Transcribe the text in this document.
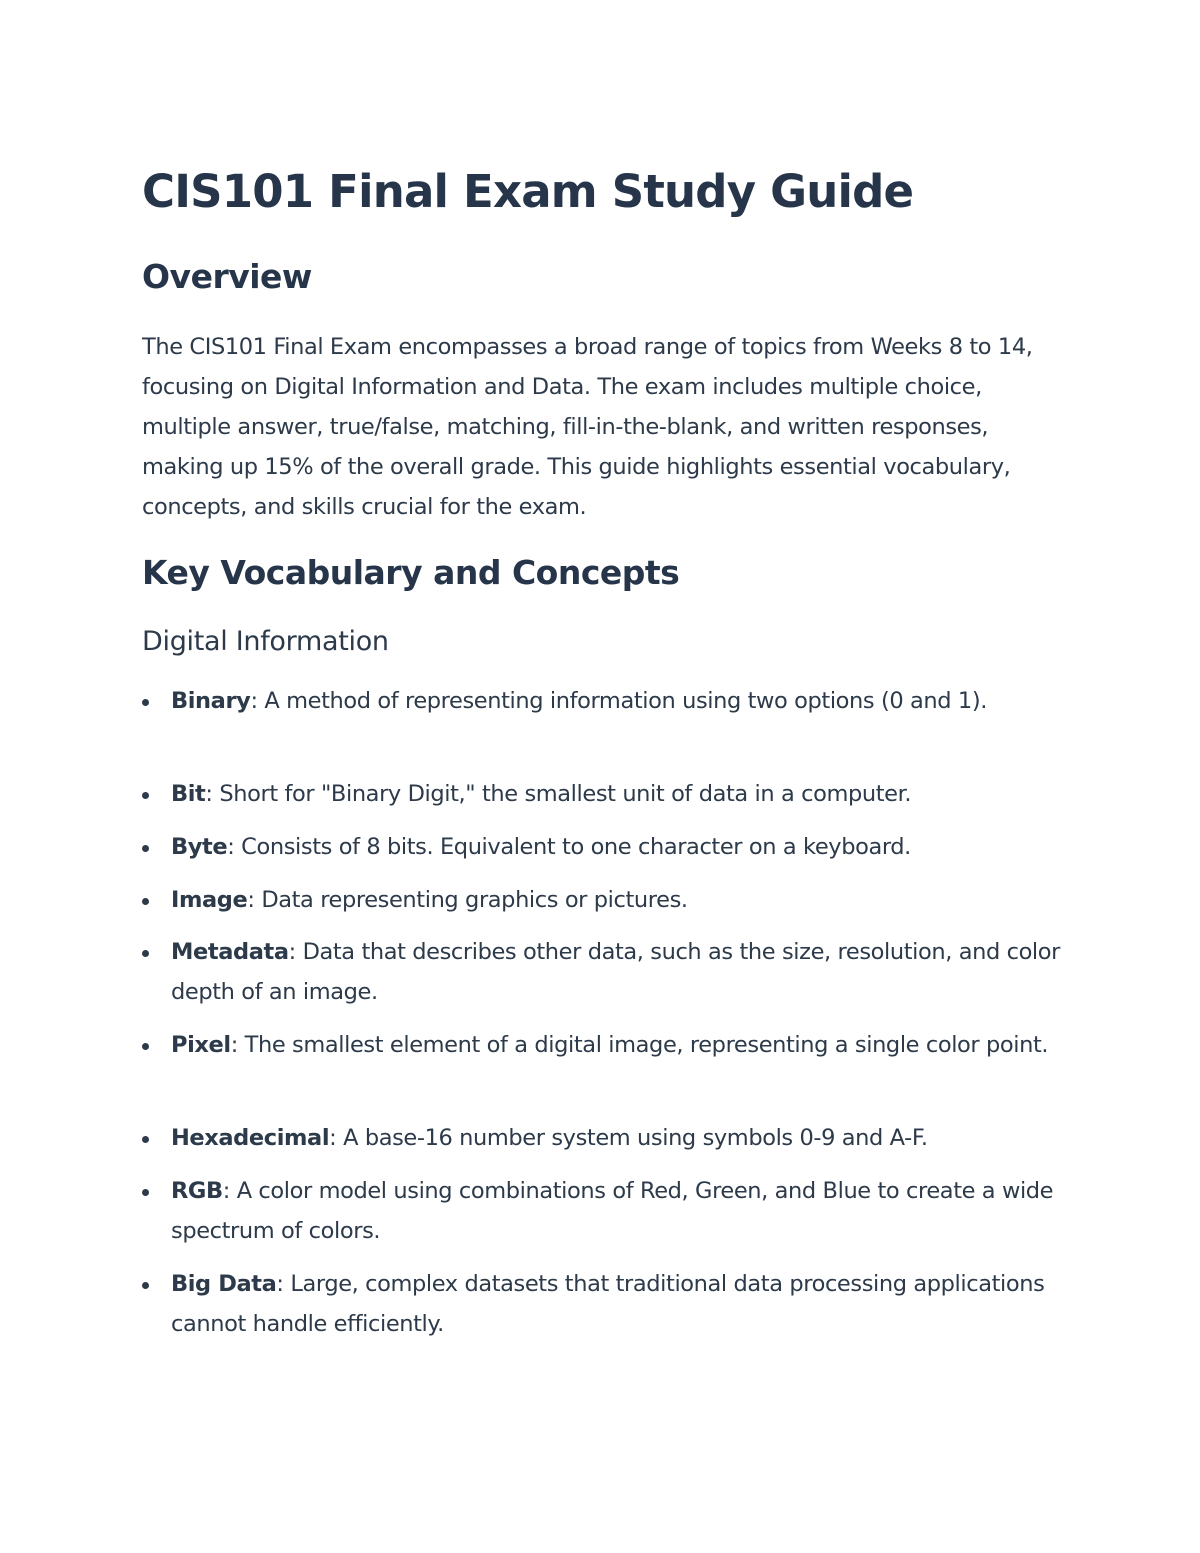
CIS101 Final Exam Study Guide
Overview

The CIS101 Final Exam encompasses a broad range of topics from Weeks 8 to 14, focusing on Digital Information and Data. The exam includes multiple choice, multiple answer, true/false, matching, fill-in-the-blank, and written responses, making up 15% of the overall grade. This guide highlights essential vocabulary, concepts, and skills crucial for the exam.

Key Vocabulary and Concepts
Digital Information
Binary: A method of representing information using two options (0 and 1).
Bit: Short for "Binary Digit," the smallest unit of data in a computer.
Byte: Consists of 8 bits. Equivalent to one character on a keyboard.
Image: Data representing graphics or pictures.
Metadata: Data that describes other data, such as the size, resolution, and color depth of an image.
Pixel: The smallest element of a digital image, representing a single color point.
Hexadecimal: A base-16 number system using symbols 0-9 and A-F.
RGB: A color model using combinations of Red, Green, and Blue to create a wide spectrum of colors.
Big Data: Large, complex datasets that traditional data processing applications cannot handle efficiently.
